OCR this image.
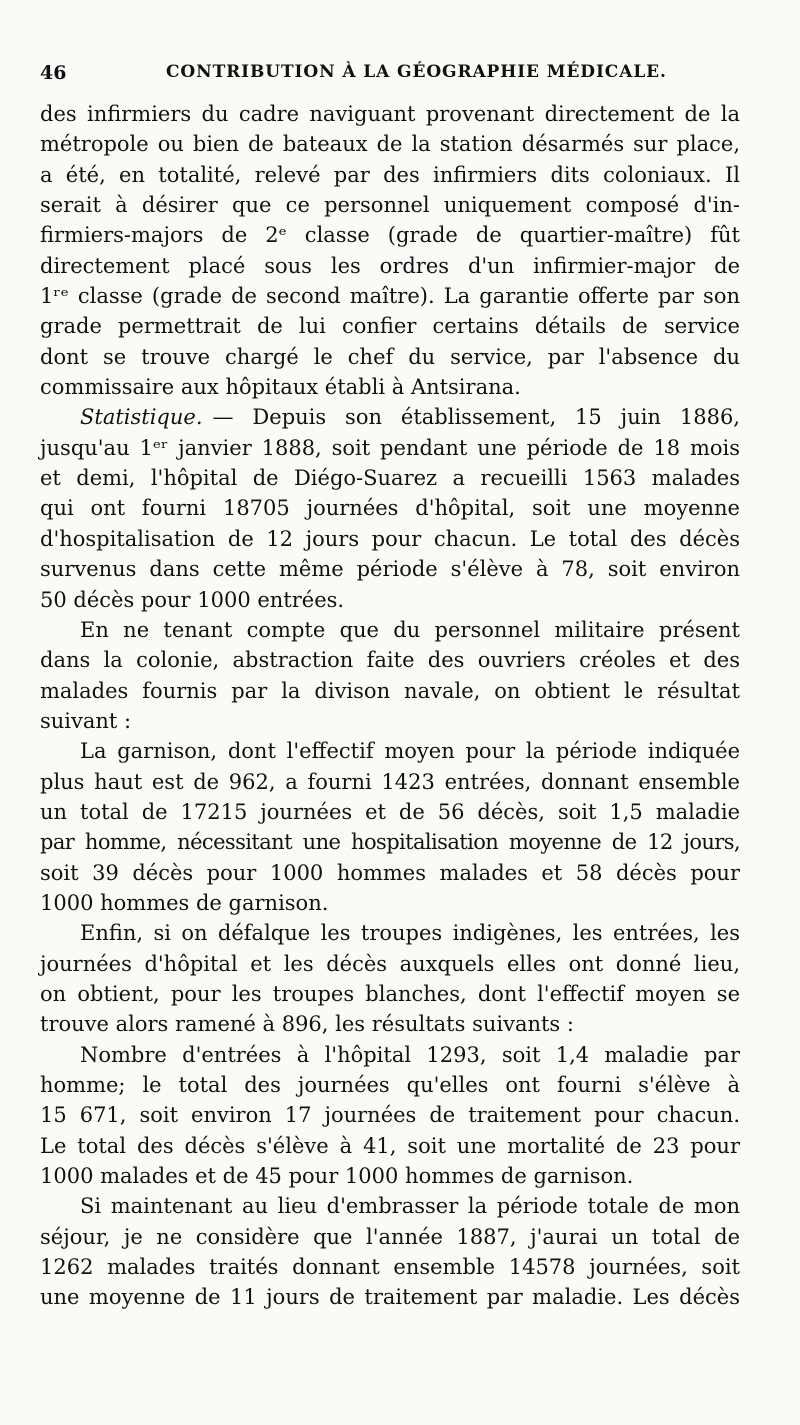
46	CONTRIBUTION À LA GÉOGRAPHIE MÉDICALE.
des infirmiers du cadre naviguant provenant directement de la
métropole ou bien de bateaux de la station désarmés sur place,
a été, en totalité, relevé par des infirmiers dits coloniaux. Il
serait à désirer que ce personnel uniquement composé d'in-
firmiers-majors de 2ᵉ classe (grade de quartier-maître) fût
directement placé sous les ordres d'un infirmier-major de
1ʳᵉ classe (grade de second maître). La garantie offerte par son
grade permettrait de lui confier certains détails de service
dont se trouve chargé le chef du service, par l'absence du
commissaire aux hôpitaux établi à Antsirana.
Statistique. — Depuis son établissement, 15 juin 1886,
jusqu'au 1ᵉʳ janvier 1888, soit pendant une période de 18 mois
et demi, l'hôpital de Diégo-Suarez a recueilli 1563 malades
qui ont fourni 18705 journées d'hôpital, soit une moyenne
d'hospitalisation de 12 jours pour chacun. Le total des décès
survenus dans cette même période s'élève à 78, soit environ
50 décès pour 1000 entrées.
En ne tenant compte que du personnel militaire présent
dans la colonie, abstraction faite des ouvriers créoles et des
malades fournis par la divison navale, on obtient le résultat
suivant :
La garnison, dont l'effectif moyen pour la période indiquée
plus haut est de 962, a fourni 1423 entrées, donnant ensemble
un total de 17215 journées et de 56 décès, soit 1,5 maladie
par homme, nécessitant une hospitalisation moyenne de 12 jours,
soit 39 décès pour 1000 hommes malades et 58 décès pour
1000 hommes de garnison.
Enfin, si on défalque les troupes indigènes, les entrées, les
journées d'hôpital et les décès auxquels elles ont donné lieu,
on obtient, pour les troupes blanches, dont l'effectif moyen se
trouve alors ramené à 896, les résultats suivants :
Nombre d'entrées à l'hôpital 1293, soit 1,4 maladie par
homme; le total des journées qu'elles ont fourni s'élève à
15 671, soit environ 17 journées de traitement pour chacun.
Le total des décès s'élève à 41, soit une mortalité de 23 pour
1000 malades et de 45 pour 1000 hommes de garnison.
Si maintenant au lieu d'embrasser la période totale de mon
séjour, je ne considère que l'année 1887, j'aurai un total de
1262 malades traités donnant ensemble 14578 journées, soit
une moyenne de 11 jours de traitement par maladie. Les décès
